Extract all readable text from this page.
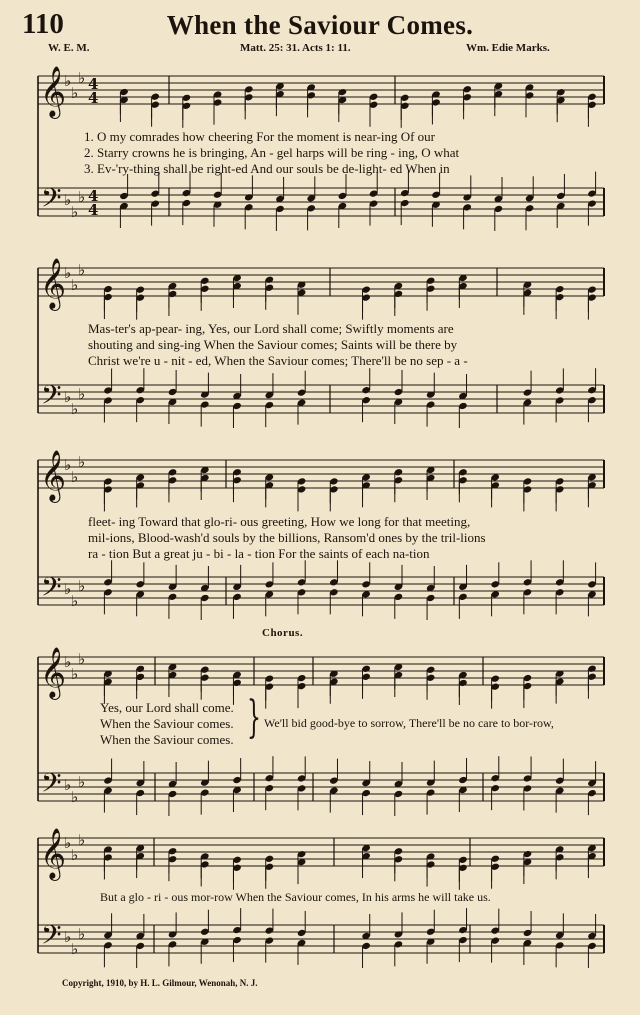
𝄞
𝄢
♭
♭
♭
♭
♭
♭
4
4
4
4
𝄞
𝄢
♭
♭
♭
♭
♭
♭
𝄞
𝄢
♭
♭
♭
♭
♭
♭
𝄞
𝄢
♭
♭
♭
♭
♭
♭
𝄞
𝄢
♭
♭
♭
♭
♭
♭
110	When the Saviour Comes.
W. E. M.	Matt. 25: 31. Acts 1: 11.	Wm. Edie Marks.
1. O my comrades how cheering For the moment is near-ing Of our
2. Starry crowns he is bringing, An - gel harps will be ring - ing, O what
3. Ev-'ry-thing shall be right-ed And our souls be de-light- ed When in
Mas-ter's ap-pear- ing, Yes, our Lord shall come; Swiftly moments are
shouting and sing-ing When the Saviour comes; Saints will be there by
Christ we're u - nit - ed, When the Saviour comes; There'll be no sep - a -
fleet- ing Toward that glo-ri- ous greeting, How we long for that meeting,
mil-ions, Blood-wash'd souls by the billions, Ransom'd ones by the tril-lions
ra - tion But a great ju - bi - la - tion For the saints of each na-tion
Chorus.
Yes, our Lord shall come.
When the Saviour comes.
When the Saviour comes. } We'll bid good-bye to sorrow, There'll be no care to bor-row,
But a glo - ri - ous mor-row When the Saviour comes, In his arms he will take us.
Copyright, 1910, by H. L. Gilmour, Wenonah, N. J.
